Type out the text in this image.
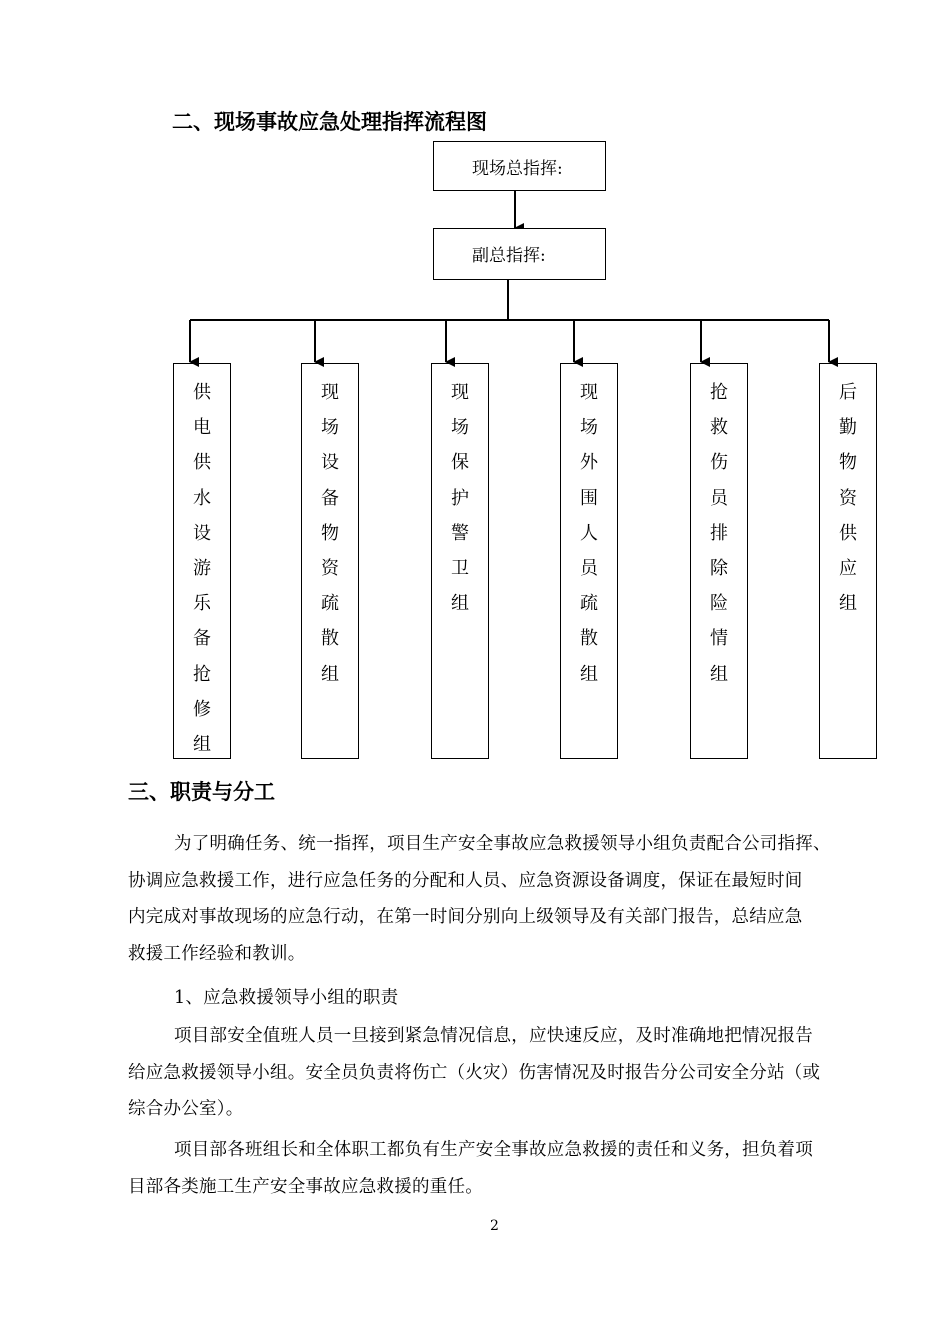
二、现场事故应急处理指挥流程图
现场总指挥:
副总指挥:
供
电
供
水
设
游
乐
备
抢
修
组
现
场
设
备
物
资
疏
散
组
现
场
保
护
警
卫
组
现
场
外
围
人
员
疏
散
组
抢
救
伤
员
排
除
险
情
组
后
勤
物
资
供
应
组
三、职责与分工

为了明确任务、统一指挥，项目生产安全事故应急救援领导小组负责配合公司指挥、
协调应急救援工作，进行应急任务的分配和人员、应急资源设备调度，保证在最短时间
内完成对事故现场的应急行动，在第一时间分别向上级领导及有关部门报告，总结应急
救援工作经验和教训。

1、应急救援领导小组的职责

项目部安全值班人员一旦接到紧急情况信息，应快速反应，及时准确地把情况报告
给应急救援领导小组。安全员负责将伤亡（火灾）伤害情况及时报告分公司安全分站（或
综合办公室）。

项目部各班组长和全体职工都负有生产安全事故应急救援的责任和义务，担负着项
目部各类施工生产安全事故应急救援的重任。

2
